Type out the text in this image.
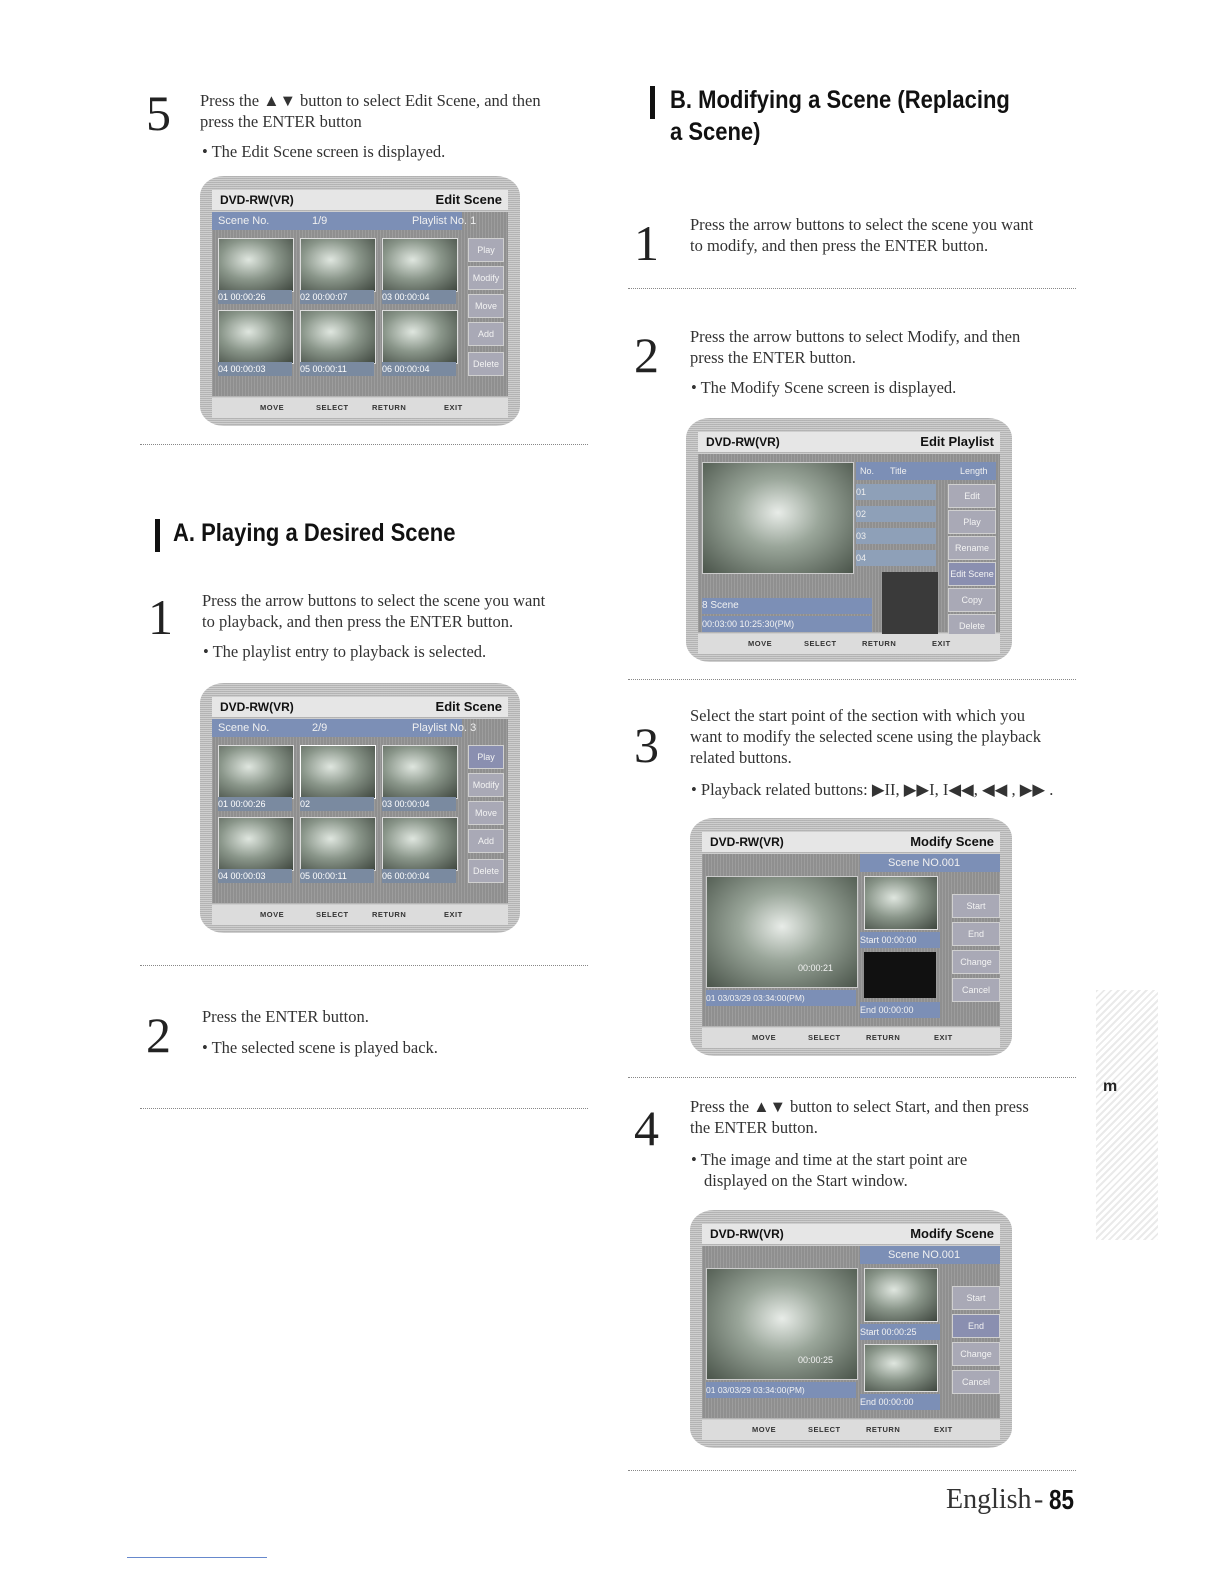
5 Press the ▲▼ button to select Edit Scene, and then
press the ENTER button
• The Edit Scene screen is displayed.
DVD-RW(VR)	Edit Scene
Scene No.	1/9	Playlist No. 1
01 00:00:26	02 00:00:07	03 00:00:04
04 00:00:03	05 00:00:11	06 00:00:04
Play
Modify
Move
Add
Delete
MOVE	SELECT	RETURN	EXIT
A. Playing a Desired Scene
1 Press the arrow buttons to select the scene you want
to playback, and then press the ENTER button.
• The playlist entry to playback is selected.
DVD-RW(VR)	Edit Scene
Scene No.	2/9	Playlist No. 3
01 00:00:26	02	03 00:00:04
04 00:00:03	05 00:00:11	06 00:00:04
Play
Modify
Move
Add
Delete
MOVE	SELECT	RETURN	EXIT
2 Press the ENTER button.
• The selected scene is played back.
B. Modifying a Scene (Replacing
a Scene)
1 Press the arrow buttons to select the scene you want
to modify, and then press the ENTER button.
2 Press the arrow buttons to select Modify, and then
press the ENTER button.
• The Modify Scene screen is displayed.
DVD-RW(VR)	Edit Playlist
No. Title	Length
01
02
03
04
8 Scene
00:03:00 10:25:30(PM)
Edit
Play
Rename
Edit Scene
Copy
Delete
MOVE	SELECT	RETURN	EXIT
3
Select the start point of the section with which you
want to modify the selected scene using the playback
related buttons.
• Playback related buttons: ▶II, ▶▶I, I◀◀, ◀◀ , ▶▶ .
DVD-RW(VR)	Modify Scene
Scene NO.001
Start 00:00:00
End 00:00:00
00:00:21
01 03/03/29 03:34:00(PM)
Start
End
Change
Cancel
MOVE	SELECT	RETURN	EXIT
4 Press the ▲▼ button to select Start, and then press
the ENTER button.
• The image and time at the start point are
displayed on the Start window.
DVD-RW(VR)	Modify Scene
Scene NO.001
Start 00:00:25
End 00:00:00
00:00:25
01 03/03/29 03:34:00(PM)
Start
End
Change
Cancel
MOVE	SELECT	RETURN	EXIT
m
English - 85
